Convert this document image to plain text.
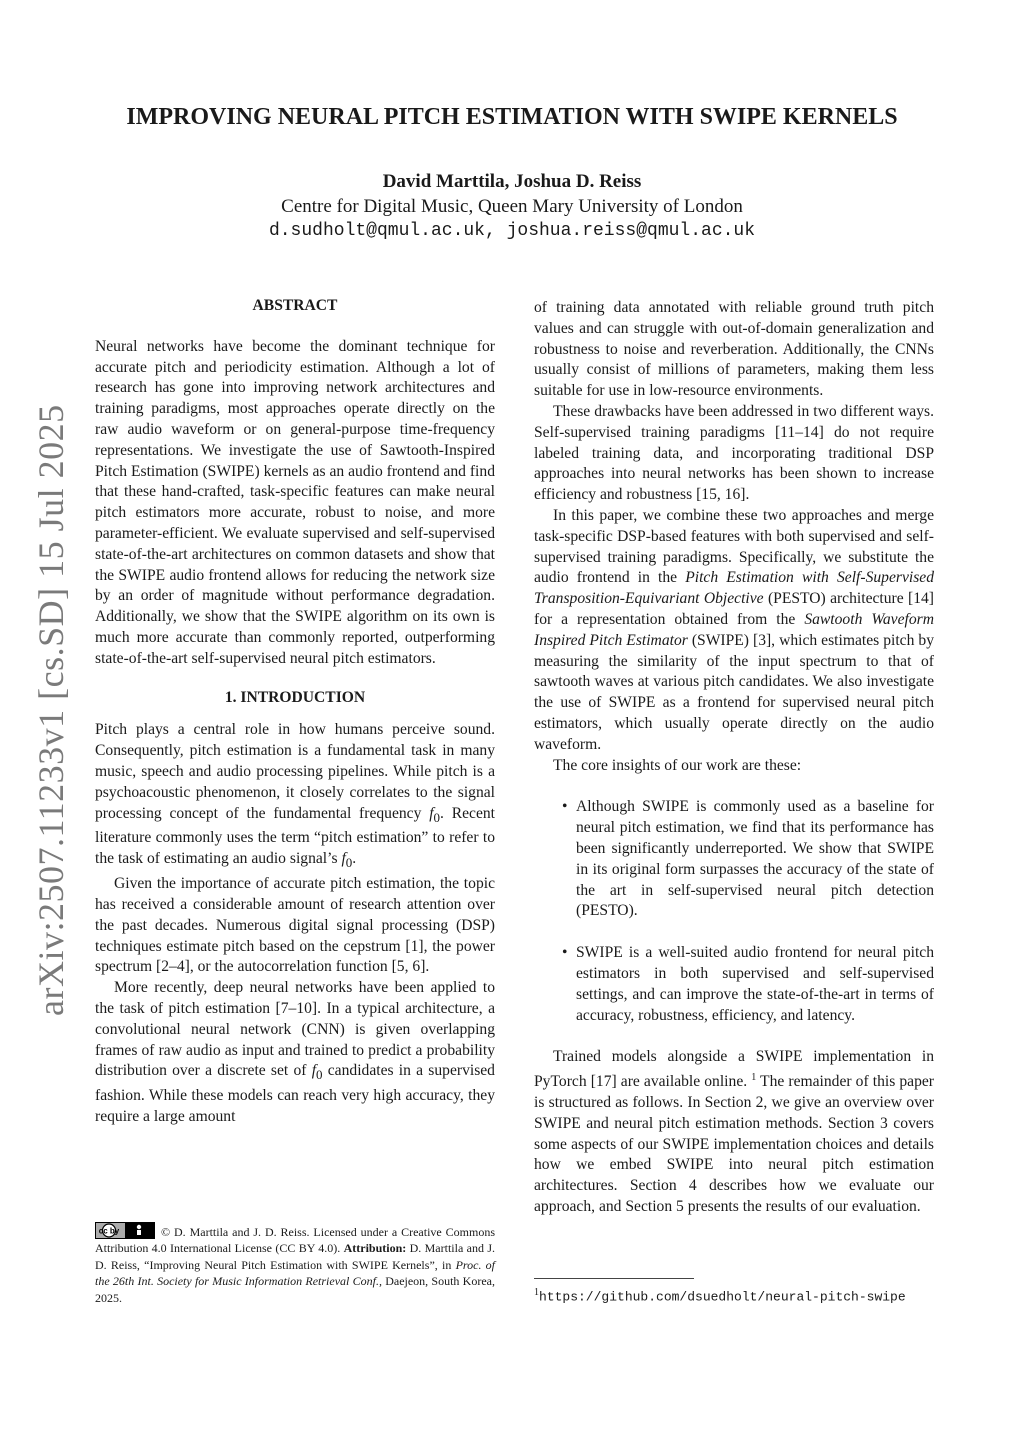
IMPROVING NEURAL PITCH ESTIMATION WITH SWIPE KERNELS
David Marttila, Joshua D. Reiss
Centre for Digital Music, Queen Mary University of London
d.sudholt@qmul.ac.uk, joshua.reiss@qmul.ac.uk
arXiv:2507.11233v1 [cs.SD] 15 Jul 2025
ABSTRACT

Neural networks have become the dominant technique for accurate pitch and periodicity estimation. Although a lot of research has gone into improving network architectures and training paradigms, most approaches operate directly on the raw audio waveform or on general-purpose time-frequency representations. We investigate the use of Sawtooth-Inspired Pitch Estimation (SWIPE) kernels as an audio frontend and find that these hand-crafted, task-specific features can make neural pitch estimators more accurate, robust to noise, and more parameter-efficient. We evaluate supervised and self-supervised state-of-the-art architectures on common datasets and show that the SWIPE audio frontend allows for reducing the network size by an order of magnitude without performance degradation. Additionally, we show that the SWIPE algorithm on its own is much more accurate than commonly reported, outperforming state-of-the-art self-supervised neural pitch estimators.

1. INTRODUCTION

Pitch plays a central role in how humans perceive sound. Consequently, pitch estimation is a fundamental task in many music, speech and audio processing pipelines. While pitch is a psychoacoustic phenomenon, it closely correlates to the signal processing concept of the fundamental frequency $f_0$. Recent literature commonly uses the term “pitch estimation” to refer to the task of estimating an audio signal’s $f_0$.

Given the importance of accurate pitch estimation, the topic has received a considerable amount of research attention over the past decades. Numerous digital signal processing (DSP) techniques estimate pitch based on the cepstrum [1], the power spectrum [2–4], or the autocorrelation function [5, 6].

More recently, deep neural networks have been applied to the task of pitch estimation [7–10]. In a typical architecture, a convolutional neural network (CNN) is given overlapping frames of raw audio as input and trained to predict a probability distribution over a discrete set of $f_0$ candidates in a supervised fashion. While these models can reach very high accuracy, they require a large amount

cc by	© D. Marttila and J. D. Reiss. Licensed under a Creative Commons Attribution 4.0 International License (CC BY 4.0). Attribution: D. Marttila and J. D. Reiss, “Improving Neural Pitch Estimation with SWIPE Kernels”, in Proc. of the 26th Int. Society for Music Information Retrieval Conf., Daejeon, South Korea, 2025.

of training data annotated with reliable ground truth pitch values and can struggle with out-of-domain generalization and robustness to noise and reverberation. Additionally, the CNNs usually consist of millions of parameters, making them less suitable for use in low-resource environments.

These drawbacks have been addressed in two different ways. Self-supervised training paradigms [11–14] do not require labeled training data, and incorporating traditional DSP approaches into neural networks has been shown to increase efficiency and robustness [15, 16].

In this paper, we combine these two approaches and merge task-specific DSP-based features with both supervised and self-supervised training paradigms. Specifically, we substitute the audio frontend in the Pitch Estimation with Self-Supervised Transposition-Equivariant Objective (PESTO) architecture [14] for a representation obtained from the Sawtooth Waveform Inspired Pitch Estimator (SWIPE) [3], which estimates pitch by measuring the similarity of the input spectrum to that of sawtooth waves at various pitch candidates. We also investigate the use of SWIPE as a frontend for supervised neural pitch estimators, which usually operate directly on the audio waveform.

The core insights of our work are these:

• Although SWIPE is commonly used as a baseline for neural pitch estimation, we find that its performance has been significantly underreported. We show that SWIPE in its original form surpasses the accuracy of the state of the art in self-supervised neural pitch detection (PESTO).
• SWIPE is a well-suited audio frontend for neural pitch estimators in both supervised and self-supervised settings, and can improve the state-of-the-art in terms of accuracy, robustness, efficiency, and latency.

Trained models alongside a SWIPE implementation in PyTorch [17] are available online. $^1$ The remainder of this paper is structured as follows. In Section 2, we give an overview over SWIPE and neural pitch estimation methods. Section 3 covers some aspects of our SWIPE implementation choices and details how we embed SWIPE into neural pitch estimation architectures. Section 4 describes how we evaluate our approach, and Section 5 presents the results of our evaluation.

$^1$https://github.com/dsuedholt/neural-pitch-swipe
